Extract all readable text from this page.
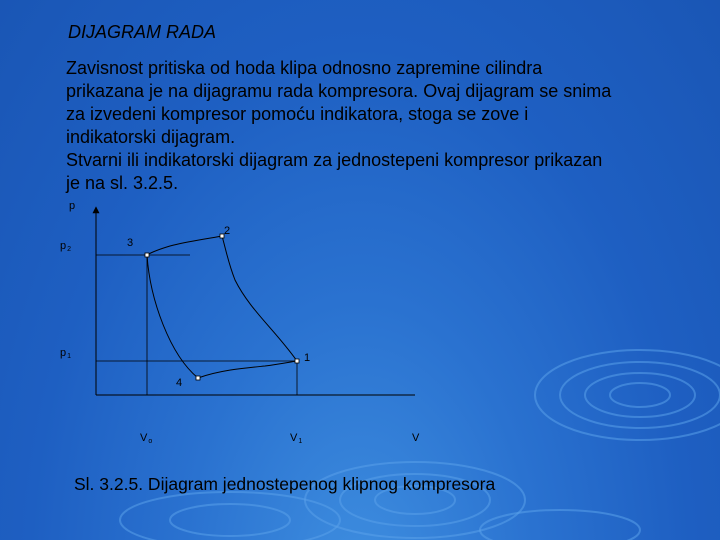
DIJAGRAM RADA
Zavisnost pritiska od hoda klipa odnosno zapremine cilindra
prikazana je na dijagramu rada kompresora. Ovaj dijagram se snima
za izvedeni kompresor pomoću indikatora, stoga se zove i
indikatorski dijagram.
Stvarni ili indikatorski dijagram za jednostepeni kompresor prikazan
je na sl. 3.2.5.
p
V
p2
p1
Vo	V1
1
2
3
4
Sl. 3.2.5. Dijagram jednostepenog klipnog kompresora
